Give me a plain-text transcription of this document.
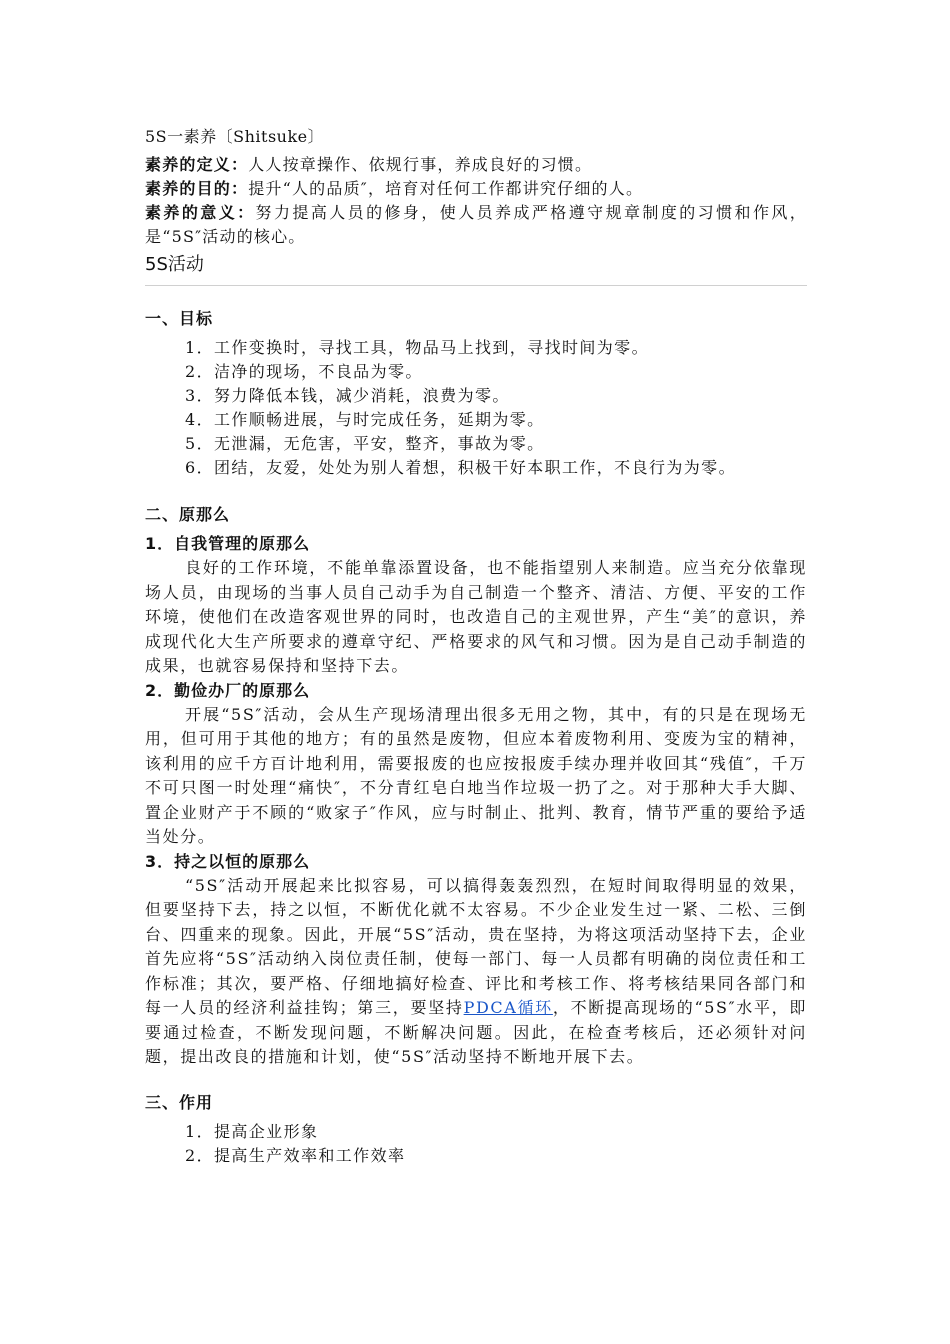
5S一素养〔Shitsuke〕

素养的定义：人人按章操作、依规行事，养成良好的习惯。

素养的目的：提升“人的品质″，培育对任何工作都讲究仔细的人。

素养的意义：努力提高人员的修身，使人员养成严格遵守规章制度的习惯和作风，是“5S″活动的核心。

5S活动
一、目标
1．工作变换时，寻找工具，物品马上找到，寻找时间为零。
2．洁净的现场，不良品为零。
3．努力降低本钱，减少消耗，浪费为零。
4．工作顺畅进展，与时完成任务，延期为零。
5．无泄漏，无危害，平安，整齐，事故为零。
6．团结，友爱，处处为别人着想，积极干好本职工作，不良行为为零。
二、原那么
1．自我管理的原那么

良好的工作环境，不能单靠添置设备，也不能指望别人来制造。应当充分依靠现场人员，由现场的当事人员自己动手为自己制造一个整齐、清洁、方便、平安的工作环境，使他们在改造客观世界的同时，也改造自己的主观世界，产生“美″的意识，养成现代化大生产所要求的遵章守纪、严格要求的风气和习惯。因为是自己动手制造的成果，也就容易保持和坚持下去。

2．勤俭办厂的原那么

开展“5S″活动，会从生产现场清理出很多无用之物，其中，有的只是在现场无用，但可用于其他的地方；有的虽然是废物，但应本着废物利用、变废为宝的精神，该利用的应千方百计地利用，需要报废的也应按报废手续办理并收回其“残值″，千万不可只图一时处理“痛快″，不分青红皂白地当作垃圾一扔了之。对于那种大手大脚、置企业财产于不顾的“败家子″作风，应与时制止、批判、教育，情节严重的要给予适当处分。

3．持之以恒的原那么

“5S″活动开展起来比拟容易，可以搞得轰轰烈烈，在短时间取得明显的效果，但要坚持下去，持之以恒，不断优化就不太容易。不少企业发生过一紧、二松、三倒台、四重来的现象。因此，开展“5S″活动，贵在坚持，为将这项活动坚持下去，企业首先应将“5S″活动纳入岗位责任制，使每一部门、每一人员都有明确的岗位责任和工作标准；其次，要严格、仔细地搞好检查、评比和考核工作、将考核结果同各部门和每一人员的经济利益挂钩；第三，要坚持PDCA循环，不断提高现场的“5S″水平，即要通过检查，不断发现问题，不断解决问题。因此，在检查考核后，还必须针对问题，提出改良的措施和计划，使“5S″活动坚持不断地开展下去。

三、作用
1．提高企业形象
2．提高生产效率和工作效率
